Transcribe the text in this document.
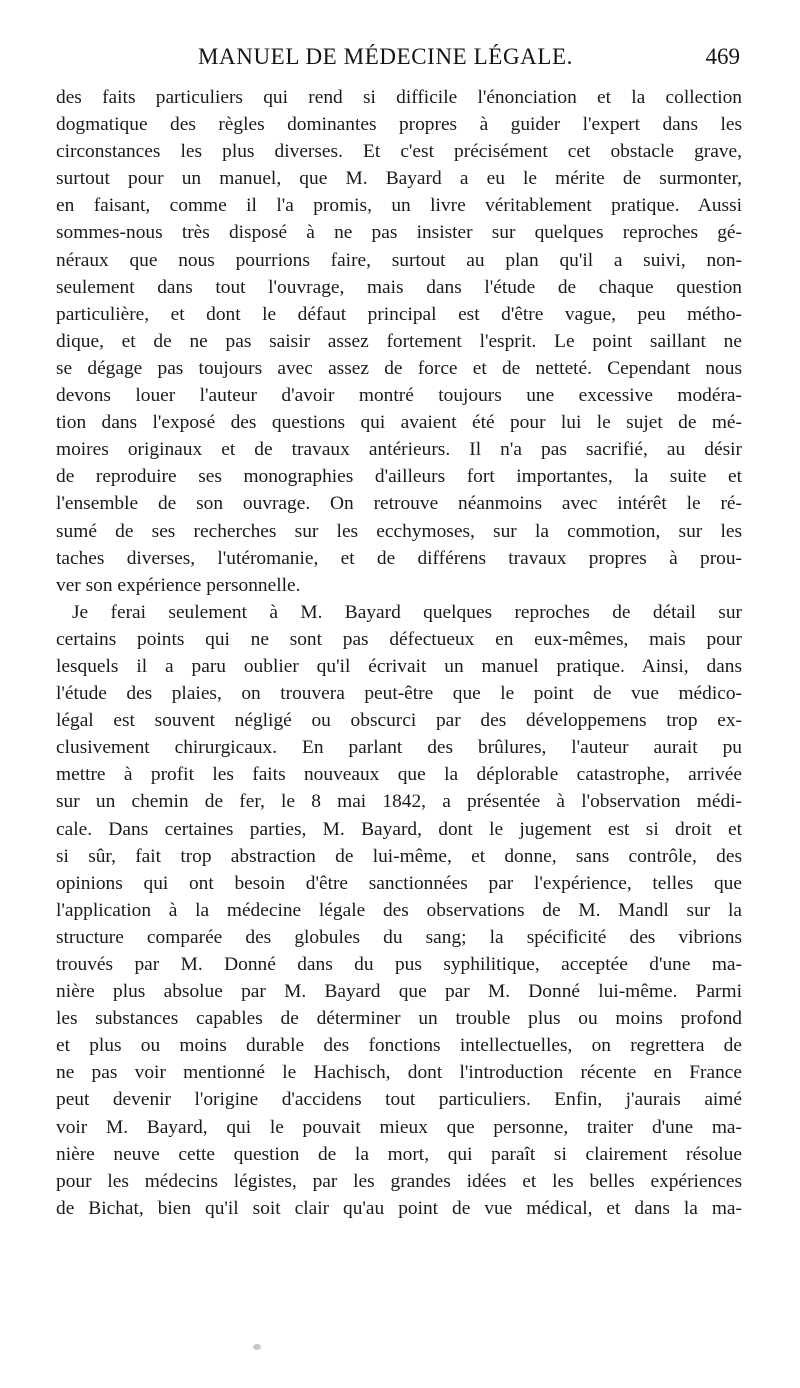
MANUEL DE MÉDECINE LÉGALE.	469
des faits particuliers qui rend si difficile l'énonciation et la collection
dogmatique des règles dominantes propres à guider l'expert dans les
circonstances les plus diverses. Et c'est précisément cet obstacle grave,
surtout pour un manuel, que M. Bayard a eu le mérite de surmonter,
en faisant, comme il l'a promis, un livre véritablement pratique. Aussi
sommes-nous très disposé à ne pas insister sur quelques reproches gé-
néraux que nous pourrions faire, surtout au plan qu'il a suivi, non-
seulement dans tout l'ouvrage, mais dans l'étude de chaque question
particulière, et dont le défaut principal est d'être vague, peu métho-
dique, et de ne pas saisir assez fortement l'esprit. Le point saillant ne
se dégage pas toujours avec assez de force et de netteté. Cependant nous
devons louer l'auteur d'avoir montré toujours une excessive modéra-
tion dans l'exposé des questions qui avaient été pour lui le sujet de mé-
moires originaux et de travaux antérieurs. Il n'a pas sacrifié, au désir
de reproduire ses monographies d'ailleurs fort importantes, la suite et
l'ensemble de son ouvrage. On retrouve néanmoins avec intérêt le ré-
sumé de ses recherches sur les ecchymoses, sur la commotion, sur les
taches diverses, l'utéromanie, et de différens travaux propres à prou-
ver son expérience personnelle.
Je ferai seulement à M. Bayard quelques reproches de détail sur
certains points qui ne sont pas défectueux en eux-mêmes, mais pour
lesquels il a paru oublier qu'il écrivait un manuel pratique. Ainsi, dans
l'étude des plaies, on trouvera peut-être que le point de vue médico-
légal est souvent négligé ou obscurci par des développemens trop ex-
clusivement chirurgicaux. En parlant des brûlures, l'auteur aurait pu
mettre à profit les faits nouveaux que la déplorable catastrophe, arrivée
sur un chemin de fer, le 8 mai 1842, a présentée à l'observation médi-
cale. Dans certaines parties, M. Bayard, dont le jugement est si droit et
si sûr, fait trop abstraction de lui-même, et donne, sans contrôle, des
opinions qui ont besoin d'être sanctionnées par l'expérience, telles que
l'application à la médecine légale des observations de M. Mandl sur la
structure comparée des globules du sang; la spécificité des vibrions
trouvés par M. Donné dans du pus syphilitique, acceptée d'une ma-
nière plus absolue par M. Bayard que par M. Donné lui-même. Parmi
les substances capables de déterminer un trouble plus ou moins profond
et plus ou moins durable des fonctions intellectuelles, on regrettera de
ne pas voir mentionné le Hachisch, dont l'introduction récente en France
peut devenir l'origine d'accidens tout particuliers. Enfin, j'aurais aimé
voir M. Bayard, qui le pouvait mieux que personne, traiter d'une ma-
nière neuve cette question de la mort, qui paraît si clairement résolue
pour les médecins légistes, par les grandes idées et les belles expériences
de Bichat, bien qu'il soit clair qu'au point de vue médical, et dans la ma-
